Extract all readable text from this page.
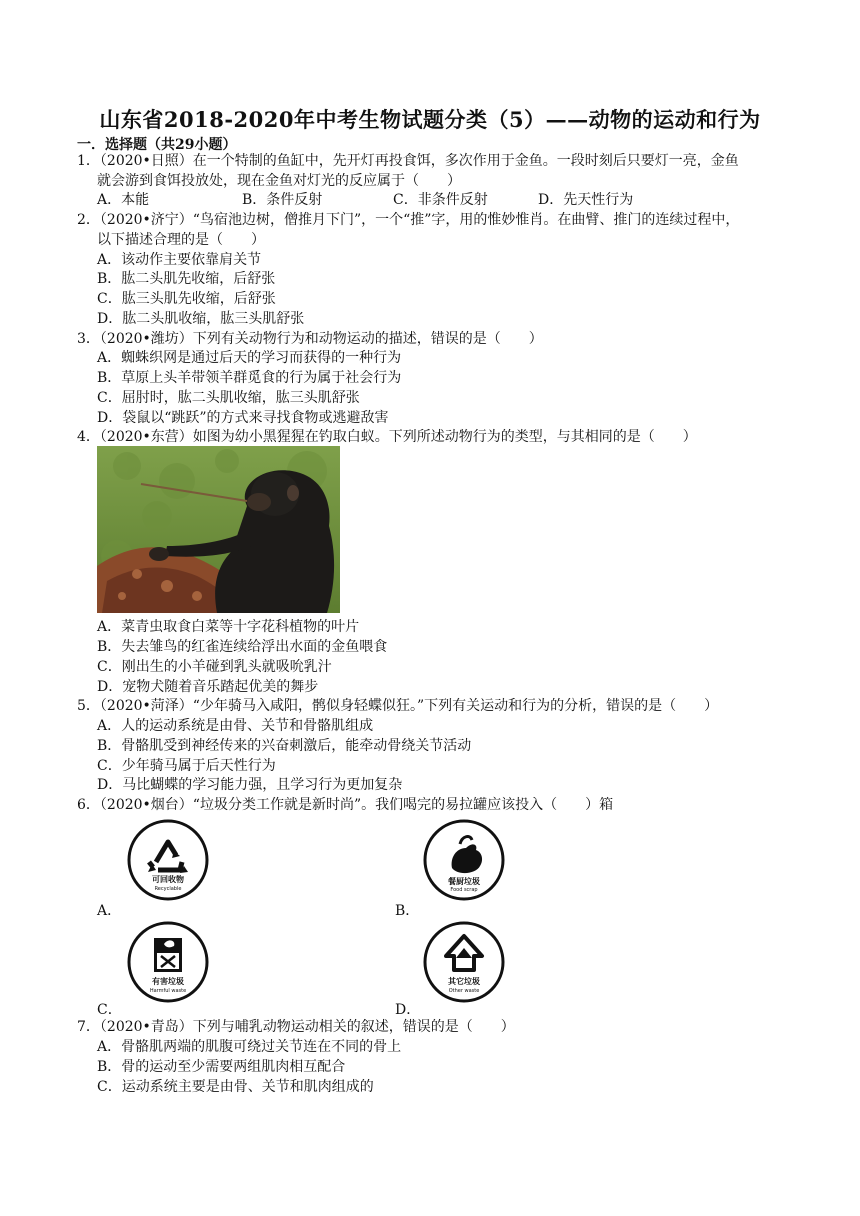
山东省2018-2020年中考生物试题分类（5）——动物的运动和行为
一．选择题（共29小题）
1．（2020•日照）在一个特制的鱼缸中，先开灯再投食饵，多次作用于金鱼。一段时刻后只要灯一亮，金鱼
就会游到食饵投放处，现在金鱼对灯光的反应属于（　　）
A．本能	B．条件反射	C．非条件反射	D．先天性行为
2．（2020•济宁）“鸟宿池边树，僧推月下门”，一个“推”字，用的惟妙惟肖。在曲臂、推门的连续过程中，
以下描述合理的是（　　）
A．该动作主要依靠肩关节
B．肱二头肌先收缩，后舒张
C．肱三头肌先收缩，后舒张
D．肱二头肌收缩，肱三头肌舒张
3．（2020•潍坊）下列有关动物行为和动物运动的描述，错误的是（　　）
A．蜘蛛织网是通过后天的学习而获得的一种行为
B．草原上头羊带领羊群觅食的行为属于社会行为
C．屈肘时，肱二头肌收缩，肱三头肌舒张
D．袋鼠以“跳跃”的方式来寻找食物或逃避敌害
4．（2020•东营）如图为幼小黑猩猩在钓取白蚁。下列所述动物行为的类型，与其相同的是（　　）
A．菜青虫取食白菜等十字花科植物的叶片
B．失去雏鸟的红雀连续给浮出水面的金鱼喂食
C．刚出生的小羊碰到乳头就吸吮乳汁
D．宠物犬随着音乐踏起优美的舞步
5．（2020•菏泽）“少年骑马入咸阳，鹘似身轻蝶似狂。”下列有关运动和行为的分析，错误的是（　　）
A．人的运动系统是由骨、关节和骨骼肌组成
B．骨骼肌受到神经传来的兴奋刺激后，能牵动骨绕关节活动
C．少年骑马属于后天性行为
D．马比蝴蝶的学习能力强，且学习行为更加复杂
6．（2020•烟台）“垃圾分类工作就是新时尚”。我们喝完的易拉罐应该投入（　　）箱
可回收物
Recyclable
A．
餐厨垃圾
Food scrap
B．
有害垃圾
Harmful waste
C．
其它垃圾
Other waste
D．
7．（2020•青岛）下列与哺乳动物运动相关的叙述，错误的是（　　）
A．骨骼肌两端的肌腹可绕过关节连在不同的骨上
B．骨的运动至少需要两组肌肉相互配合
C．运动系统主要是由骨、关节和肌肉组成的
